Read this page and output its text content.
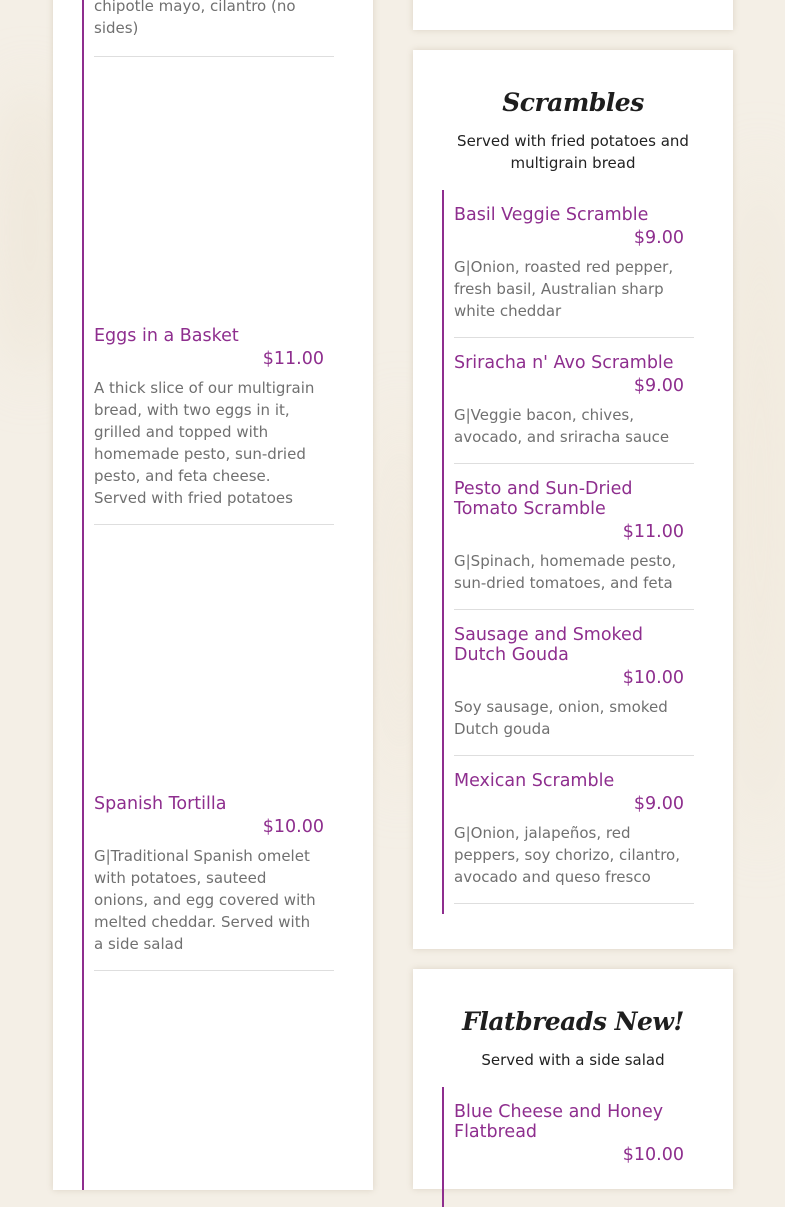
chipotle mayo, cilantro (no sides)

Eggs in a Basket

$11.00

A thick slice of our multigrain bread, with two eggs in it, grilled and topped with homemade pesto, sun-dried pesto, and feta cheese. Served with fried potatoes

Spanish Tortilla

$10.00

G|Traditional Spanish omelet with potatoes, sauteed onions, and egg covered with melted cheddar. Served with a side salad

Scrambles

Served with fried potatoes and multigrain bread

Basil Veggie Scramble

$9.00

G|Onion, roasted red pepper, fresh basil, Australian sharp white cheddar

Sriracha n' Avo Scramble

$9.00

G|Veggie bacon, chives, avocado, and sriracha sauce

Pesto and Sun-Dried Tomato Scramble

$11.00

G|Spinach, homemade pesto, sun-dried tomatoes, and feta

Sausage and Smoked Dutch Gouda

$10.00

Soy sausage, onion, smoked Dutch gouda

Mexican Scramble

$9.00

G|Onion, jalapeños, red peppers, soy chorizo, cilantro, avocado and queso fresco

Flatbreads New!

Served with a side salad

Blue Cheese and Honey Flatbread

$10.00
